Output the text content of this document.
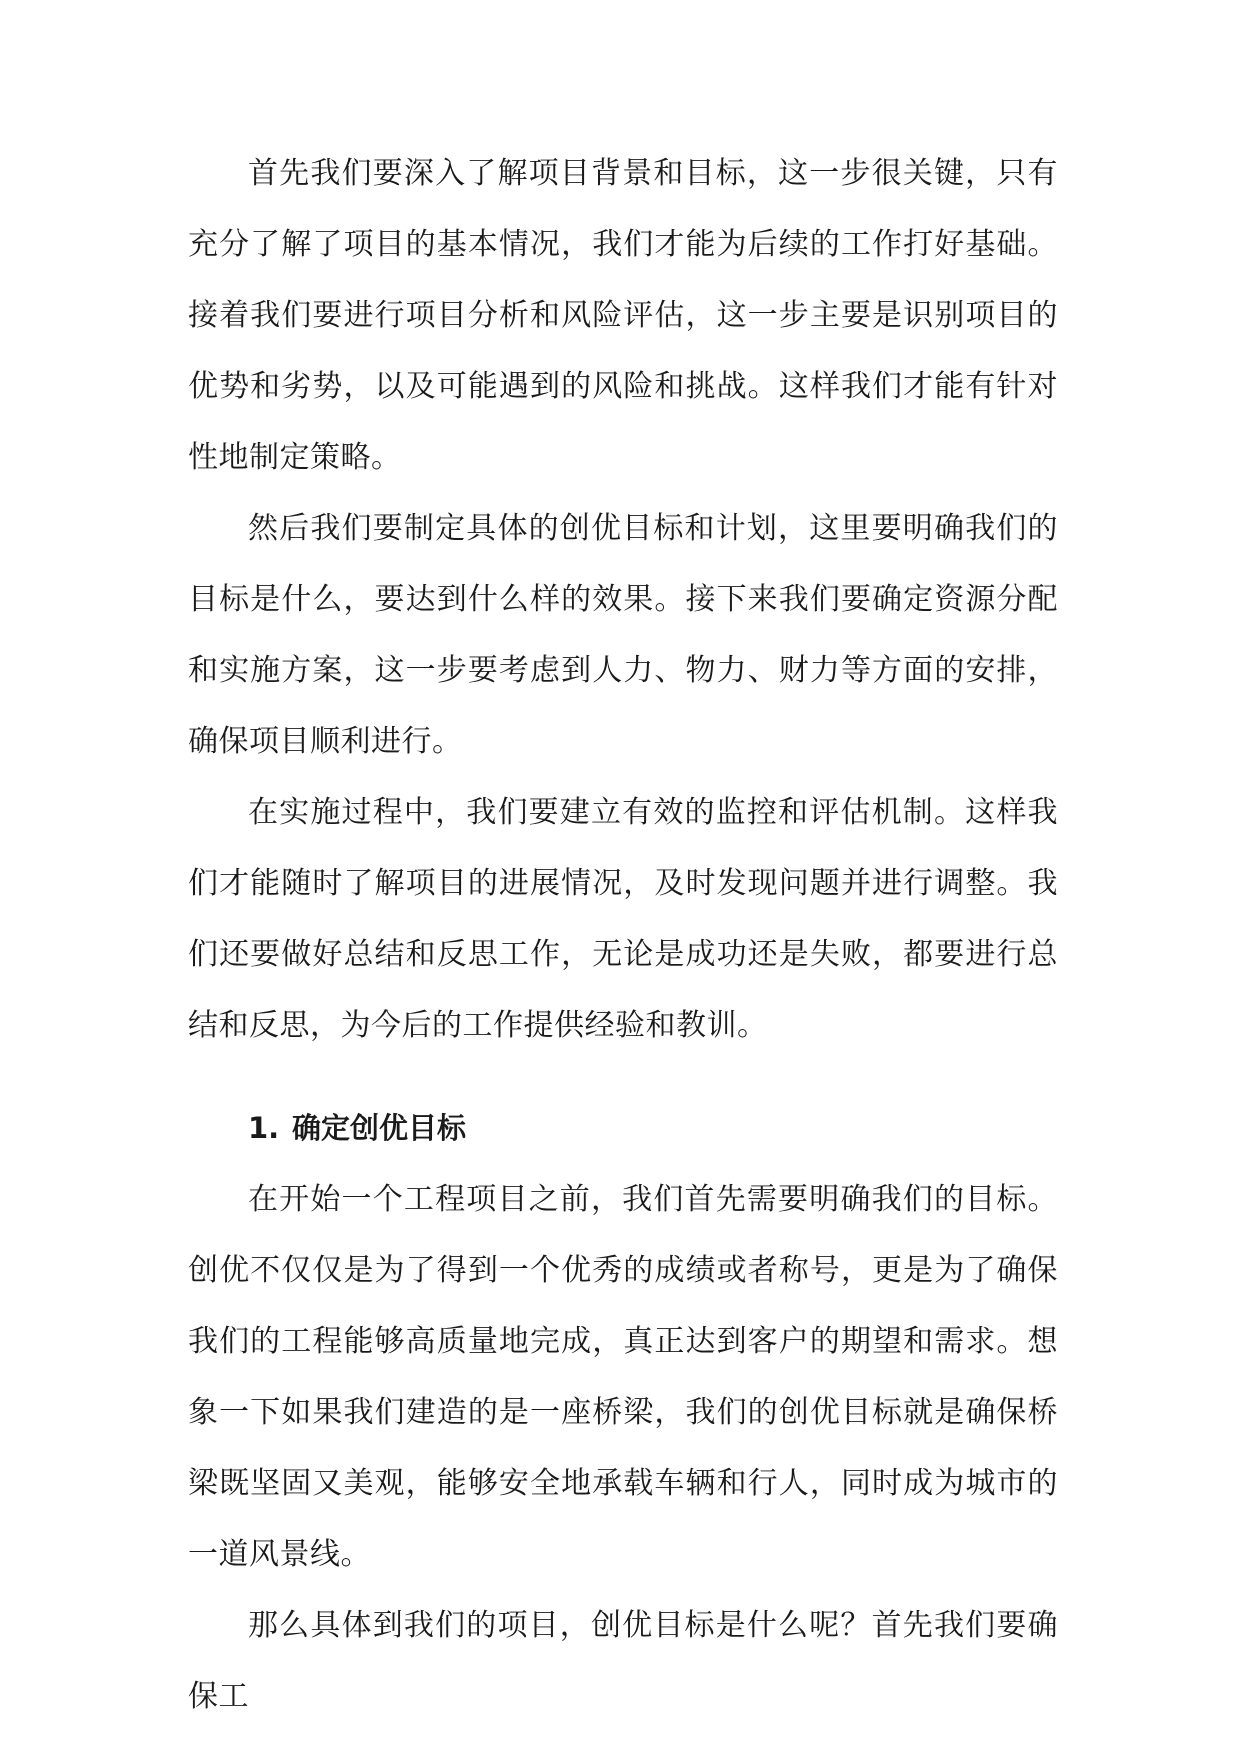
首先我们要深入了解项目背景和目标，这一步很关键，只有充分了解了项目的基本情况，我们才能为后续的工作打好基础。接着我们要进行项目分析和风险评估，这一步主要是识别项目的优势和劣势，以及可能遇到的风险和挑战。这样我们才能有针对性地制定策略。

然后我们要制定具体的创优目标和计划，这里要明确我们的目标是什么，要达到什么样的效果。接下来我们要确定资源分配和实施方案，这一步要考虑到人力、物力、财力等方面的安排，确保项目顺利进行。

在实施过程中，我们要建立有效的监控和评估机制。这样我们才能随时了解项目的进展情况，及时发现问题并进行调整。我们还要做好总结和反思工作，无论是成功还是失败，都要进行总结和反思，为今后的工作提供经验和教训。

1. 确定创优目标

在开始一个工程项目之前，我们首先需要明确我们的目标。创优不仅仅是为了得到一个优秀的成绩或者称号，更是为了确保我们的工程能够高质量地完成，真正达到客户的期望和需求。想象一下如果我们建造的是一座桥梁，我们的创优目标就是确保桥梁既坚固又美观，能够安全地承载车辆和行人，同时成为城市的一道风景线。

那么具体到我们的项目，创优目标是什么呢？首先我们要确保工
